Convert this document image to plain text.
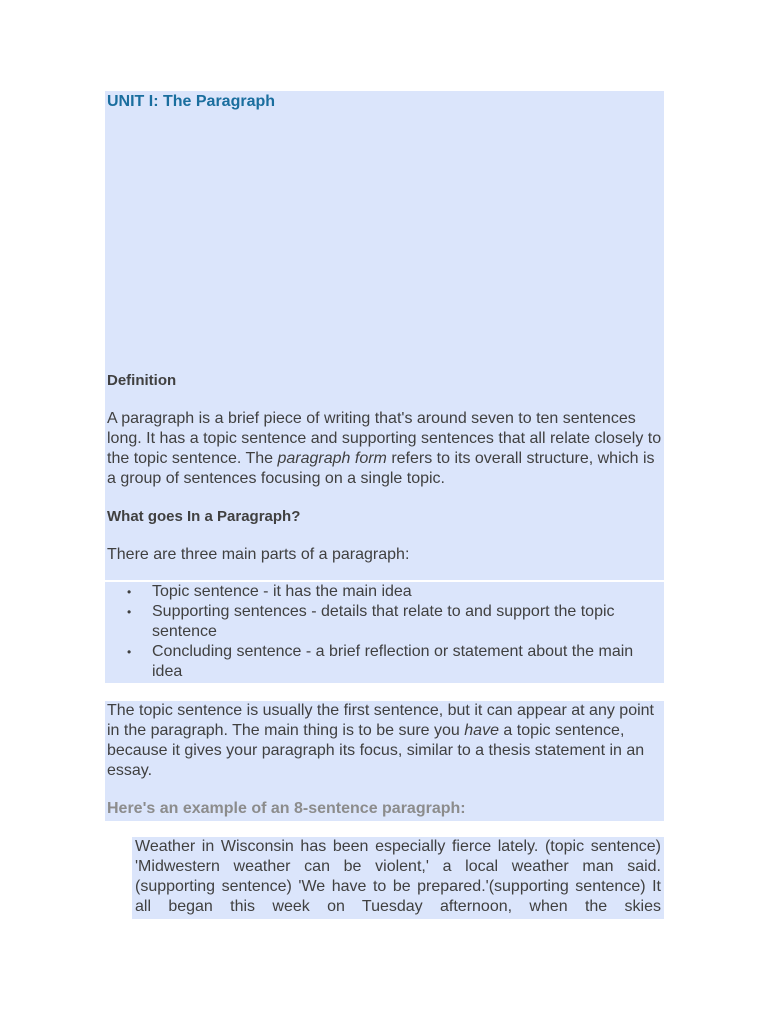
UNIT I: The Paragraph
Definition

A paragraph is a brief piece of writing that's around seven to ten sentences long. It has a topic sentence and supporting sentences that all relate closely to the topic sentence. The paragraph form refers to its overall structure, which is a group of sentences focusing on a single topic.

What goes In a Paragraph?

There are three main parts of a paragraph:

• Topic sentence - it has the main idea
• Supporting sentences - details that relate to and support the topic sentence
• Concluding sentence - a brief reflection or statement about the main idea

The topic sentence is usually the first sentence, but it can appear at any point in the paragraph. The main thing is to be sure you have a topic sentence, because it gives your paragraph its focus, similar to a thesis statement in an essay.

Here's an example of an 8-sentence paragraph:

Weather in Wisconsin has been especially fierce lately. (topic sentence) 'Midwestern weather can be violent,' a local weather man said. (supporting sentence) 'We have to be prepared.'(supporting sentence) It all began this week on Tuesday afternoon, when the skies
